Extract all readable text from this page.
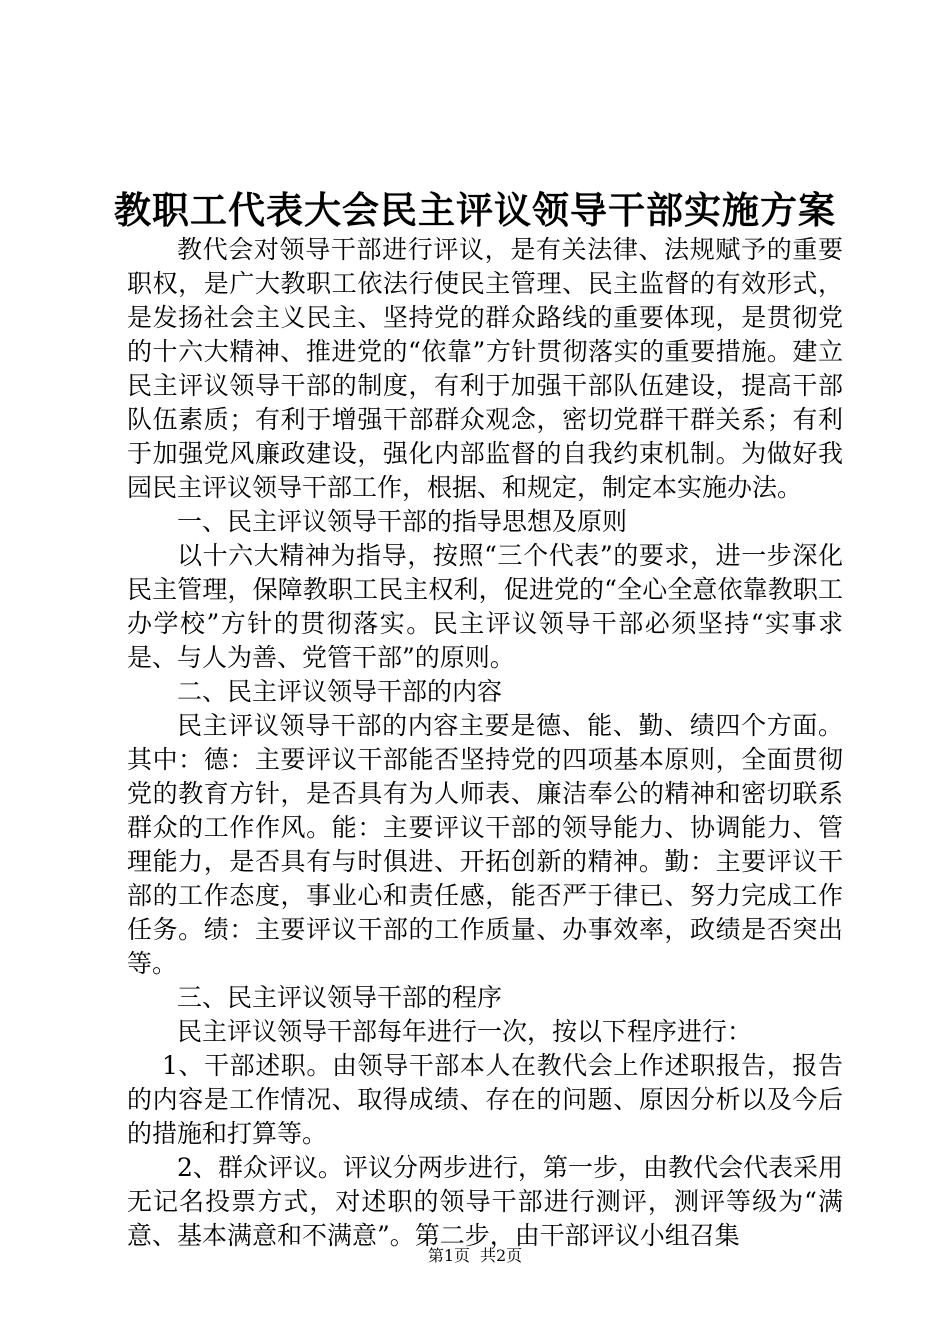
教职工代表大会民主评议领导干部实施方案

教代会对领导干部进行评议，是有关法律、法规赋予的重要职权，是广大教职工依法行使民主管理、民主监督的有效形式，是发扬社会主义民主、坚持党的群众路线的重要体现，是贯彻党的十六大精神、推进党的“依靠”方针贯彻落实的重要措施。建立民主评议领导干部的制度，有利于加强干部队伍建设，提高干部队伍素质；有利于增强干部群众观念，密切党群干群关系；有利于加强党风廉政建设，强化内部监督的自我约束机制。为做好我园民主评议领导干部工作，根据、和规定，制定本实施办法。

一、民主评议领导干部的指导思想及原则

以十六大精神为指导，按照“三个代表”的要求，进一步深化民主管理，保障教职工民主权利，促进党的“全心全意依靠教职工办学校”方针的贯彻落实。民主评议领导干部必须坚持“实事求是、与人为善、党管干部”的原则。

二、民主评议领导干部的内容

民主评议领导干部的内容主要是德、能、勤、绩四个方面。其中：德：主要评议干部能否坚持党的四项基本原则，全面贯彻党的教育方针，是否具有为人师表、廉洁奉公的精神和密切联系群众的工作作风。能：主要评议干部的领导能力、协调能力、管理能力，是否具有与时俱进、开拓创新的精神。勤：主要评议干部的工作态度，事业心和责任感，能否严于律已、努力完成工作任务。绩：主要评议干部的工作质量、办事效率，政绩是否突出等。

三、民主评议领导干部的程序

民主评议领导干部每年进行一次，按以下程序进行：

1、干部述职。由领导干部本人在教代会上作述职报告，报告的内容是工作情况、取得成绩、存在的问题、原因分析以及今后的措施和打算等。

2、群众评议。评议分两步进行，第一步，由教代会代表采用无记名投票方式，对述职的领导干部进行测评，测评等级为“满意、基本满意和不满意”。第二步，由干部评议小组召集

第1页 共2页
